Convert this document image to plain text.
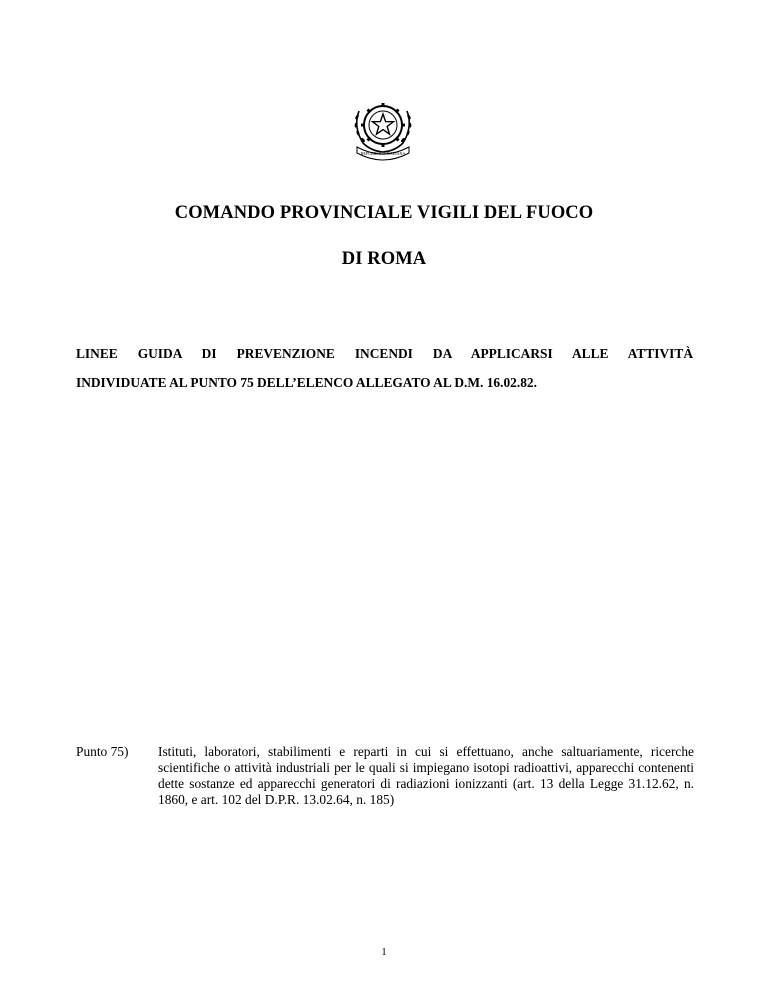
REPUBBLICA ITALIANA
COMANDO PROVINCIALE VIGILI DEL FUOCO
DI ROMA
LINEE GUIDA DI PREVENZIONE INCENDI DA APPLICARSI ALLE ATTIVITÀ
INDIVIDUATE AL PUNTO 75 DELL’ELENCO ALLEGATO AL D.M. 16.02.82.
Punto 75) Istituti, laboratori, stabilimenti e reparti in cui si effettuano, anche saltuariamente, ricerche scientifiche o attività industriali per le quali si impiegano isotopi radioattivi, apparecchi contenenti dette sostanze ed apparecchi generatori di radiazioni ionizzanti (art. 13 della Legge 31.12.62, n. 1860, e art. 102 del D.P.R. 13.02.64, n. 185)
1
